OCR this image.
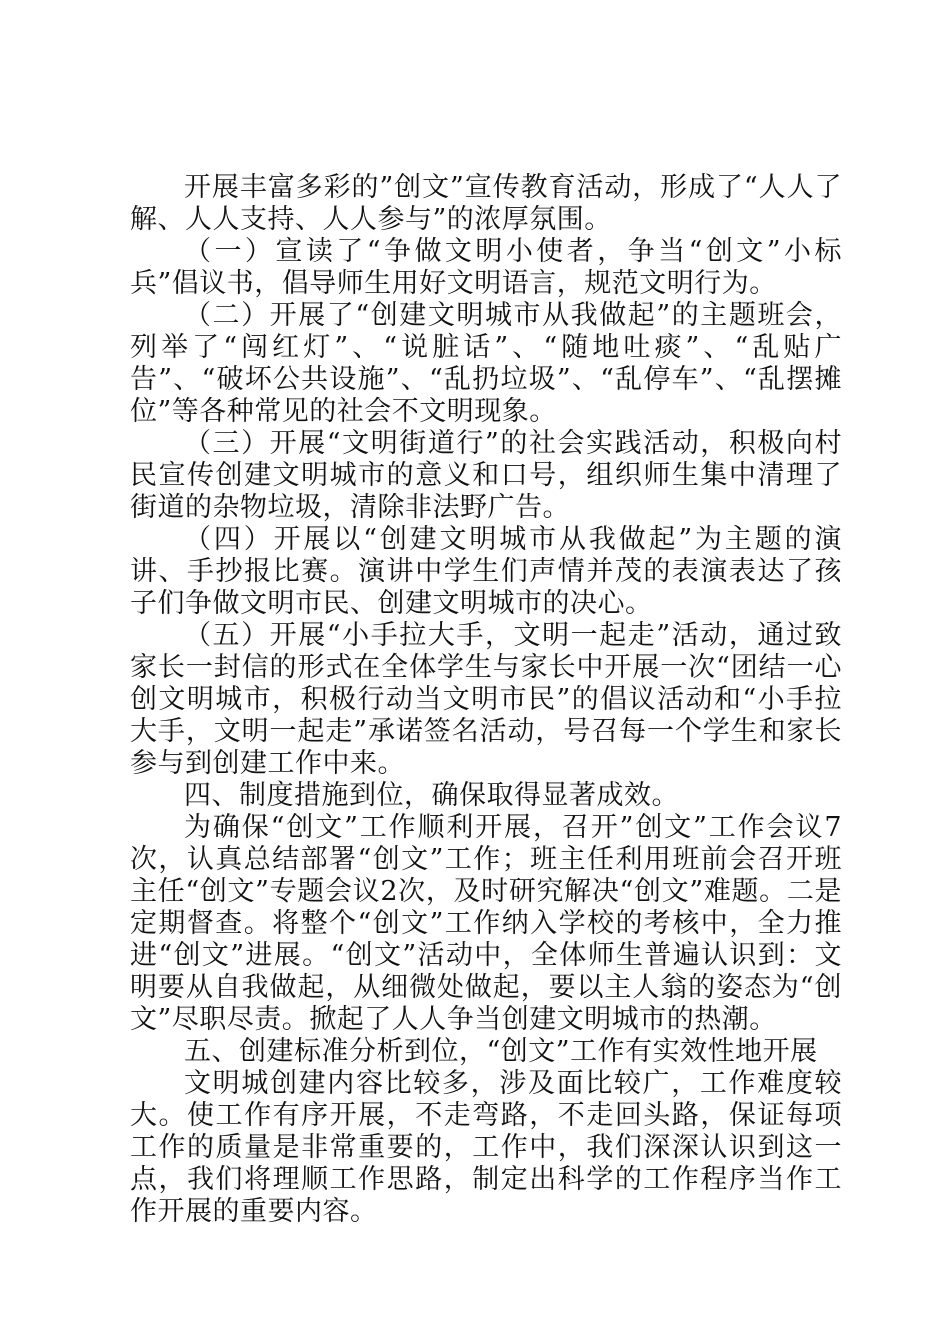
开展丰富多彩的”创文”宣传教育活动，形成了“人人了解、人人支持、人人参与”的浓厚氛围。

（一）宣读了“争做文明小使者，争当“创文”小标兵”倡议书，倡导师生用好文明语言，规范文明行为。

（二）开展了“创建文明城市从我做起”的主题班会，列举了“闯红灯”、“说脏话”、“随地吐痰”、“乱贴广告”、“破坏公共设施”、“乱扔垃圾”、“乱停车”、“乱摆摊位”等各种常见的社会不文明现象。

（三）开展“文明街道行”的社会实践活动，积极向村民宣传创建文明城市的意义和口号，组织师生集中清理了街道的杂物垃圾，清除非法野广告。

（四）开展以“创建文明城市从我做起”为主题的演讲、手抄报比赛。演讲中学生们声情并茂的表演表达了孩子们争做文明市民、创建文明城市的决心。

（五）开展“小手拉大手，文明一起走”活动，通过致家长一封信的形式在全体学生与家长中开展一次“团结一心创文明城市，积极行动当文明市民”的倡议活动和“小手拉大手，文明一起走”承诺签名活动，号召每一个学生和家长参与到创建工作中来。

四、制度措施到位，确保取得显著成效。

为确保“创文”工作顺利开展，召开”创文”工作会议7次，认真总结部署“创文”工作；班主任利用班前会召开班主任“创文”专题会议2次，及时研究解决“创文”难题。二是定期督查。将整个“创文”工作纳入学校的考核中，全力推进“创文”进展。“创文”活动中，全体师生普遍认识到：文明要从自我做起，从细微处做起，要以主人翁的姿态为“创文”尽职尽责。掀起了人人争当创建文明城市的热潮。

五、创建标准分析到位，“创文”工作有实效性地开展

文明城创建内容比较多，涉及面比较广，工作难度较大。使工作有序开展，不走弯路，不走回头路，保证每项工作的质量是非常重要的，工作中，我们深深认识到这一点，我们将理顺工作思路，制定出科学的工作程序当作工作开展的重要内容。
